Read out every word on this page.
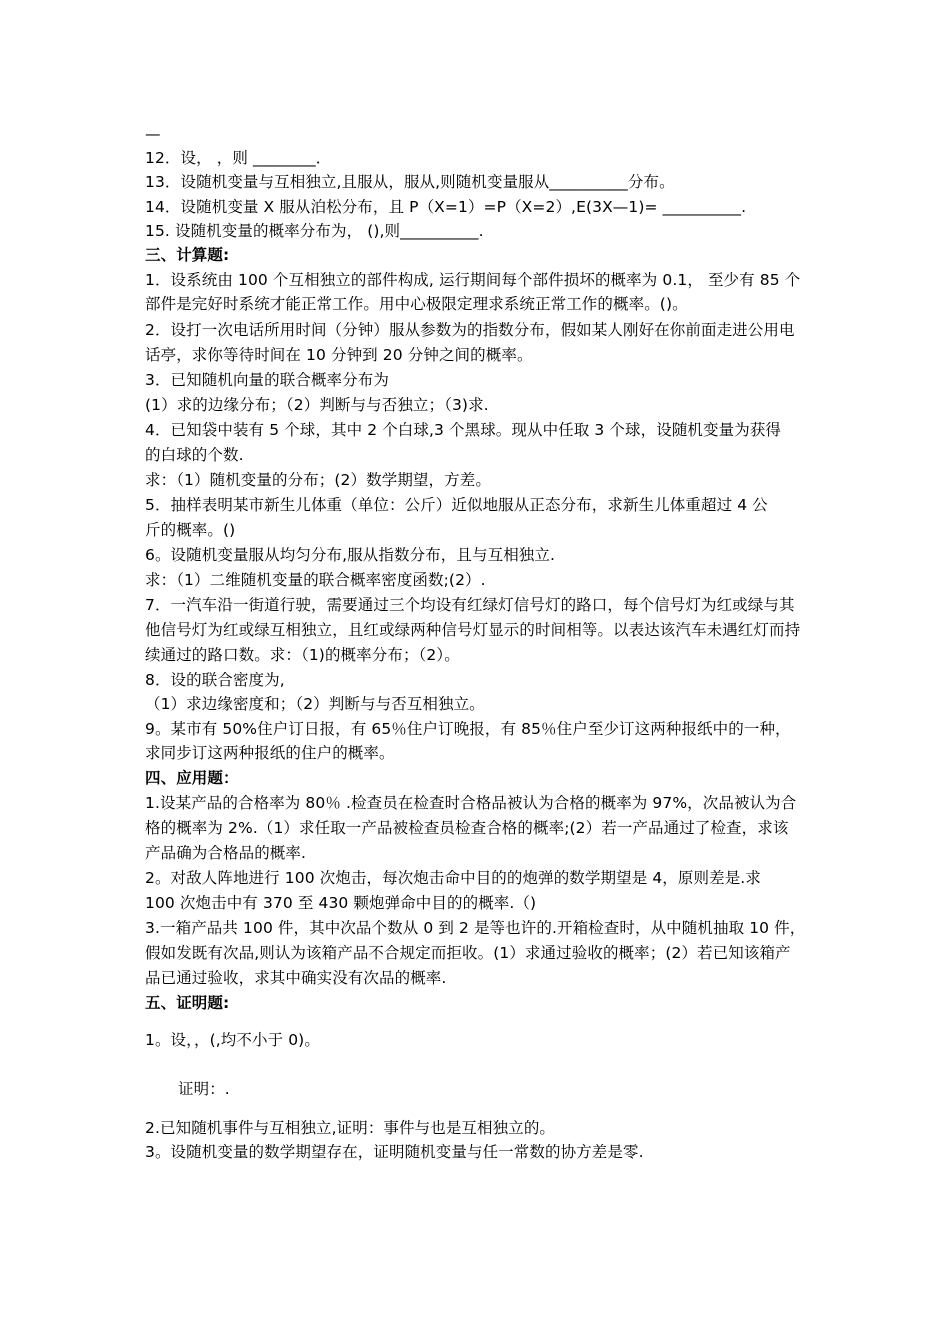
—
12．设， ，则 ________．
13．设随机变量与互相独立,且服从，服从,则随机变量服从__________分布。
14．设随机变量 X 服从泊松分布，且 P（X=1）=P（X=2）,E(3X—1)= __________.
15. 设随机变量的概率分布为， (),则__________.
三、计算题:
1．设系统由 100 个互相独立的部件构成, 运行期间每个部件损坏的概率为 0.1， 至少有 85 个
部件是完好时系统才能正常工作。用中心极限定理求系统正常工作的概率。()。
2．设打一次电话所用时间（分钟）服从参数为的指数分布，假如某人刚好在你前面走进公用电
话亭，求你等待时间在 10 分钟到 20 分钟之间的概率。
3．已知随机向量的联合概率分布为
(1）求的边缘分布；（2）判断与与否独立；（3)求.
4．已知袋中装有 5 个球，其中 2 个白球,3 个黑球。现从中任取 3 个球，设随机变量为获得
的白球的个数.
求：（1）随机变量的分布；(2）数学期望，方差。
5．抽样表明某市新生儿体重（单位：公斤）近似地服从正态分布，求新生儿体重超过 4 公
斤的概率。()
6。设随机变量服从均匀分布,服从指数分布，且与互相独立.
求：（1）二维随机变量的联合概率密度函数;(2）.
7．一汽车沿一街道行驶，需要通过三个均设有红绿灯信号灯的路口，每个信号灯为红或绿与其
他信号灯为红或绿互相独立，且红或绿两种信号灯显示的时间相等。以表达该汽车未遇红灯而持
续通过的路口数。求：（1)的概率分布；（2）。
8．设的联合密度为,
（1）求边缘密度和；（2）判断与与否互相独立。
9。某市有 50%住户订日报，有 65％住户订晚报，有 85％住户至少订这两种报纸中的一种，
求同步订这两种报纸的住户的概率。
四、应用题：
1.设某产品的合格率为 80％ .检查员在检查时合格品被认为合格的概率为 97%，次品被认为合
格的概率为 2%.（1）求任取一产品被检查员检查合格的概率;(2）若一产品通过了检查，求该
产品确为合格品的概率.
2。对敌人阵地进行 100 次炮击，每次炮击命中目的的炮弹的数学期望是 4，原则差是.求
100 次炮击中有 370 至 430 颗炮弹命中目的的概率.（)
3.一箱产品共 100 件，其中次品个数从 0 到 2 是等也许的.开箱检查时，从中随机抽取 10 件，
假如发既有次品,则认为该箱产品不合规定而拒收。(1）求通过验收的概率；(2）若已知该箱产
品已通过验收，求其中确实没有次品的概率.
五、证明题:
1。设，，(,均不小于 0)。
证明：.
2.已知随机事件与互相独立,证明：事件与也是互相独立的。
3。设随机变量的数学期望存在，证明随机变量与任一常数的协方差是零.
